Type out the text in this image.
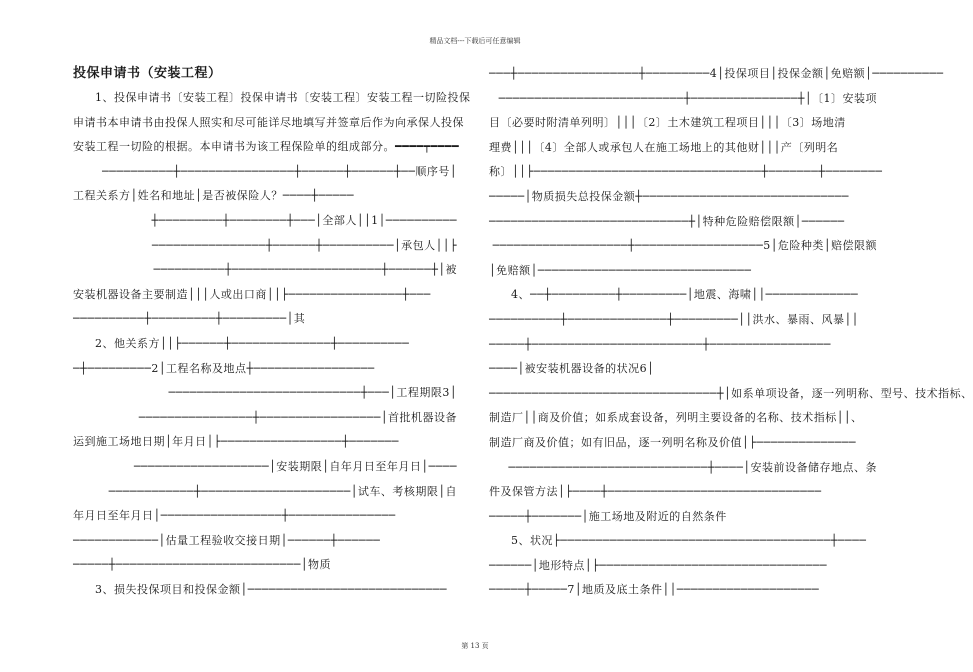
精品文档---下载后可任意编辑
投保申请书（安装工程）
1、投保申请书〔安装工程〕投保申请书〔安装工程〕安装工程一切险投保
申请书本申请书由投保人照实和尽可能详尽地填写并签章后作为向承保人投保
安装工程一切险的根据。本申请书为该工程保险单的组成部分。━━━━┯━━━━
──────────┼────────────────┼──────┼──────┼──顺序号│
工程关系方│姓名和地址│是否被保险人？────┼─────
┼─────────┼────────┼───│全部人││1│──────────
────────────────┼──────┼──────────│承包人││├
──────────┼─────────────────────┼──────┼│被
安装机器设备主要制造│││人或出口商││├────────────────┼───
──────────┼─────────┼─────────│其
2、他关系方││├──────┼──────────────┼──────────
─┼─────────2│工程名称及地点┼─────────────────
───────────────────────────┼───│工程期限3│
────────────────┼─────────────────│首批机器设备
运到施工场地日期│年月日│├─────────────────┼───────
───────────────────│安装期限│自年月日至年月日│────
────────────┼─────────────────────│试车、考核期限│自
年月日至年月日│─────────────────┼───────────────
────────────│估量工程验收交接日期│──────┼──────
─────┼──────────────────────────│物质
3、损失投保项目和投保金额│────────────────────────────
───┼─────────────────┼─────────4│投保项目│投保金额│免赔额│──────────
──────────────────────────┼───────────────┼│〔1〕安装项
目〔必要时附清单列明〕│││〔2〕土木建筑工程项目│││〔3〕场地清
理费│││〔4〕全部人或承包人在施工场地上的其他财│││产〔列明名
称〕││├────────────────────────────────┼───────┼────────
─────│物质损失总投保金额┼─────────────────────────────
────────────────────────────┼│特种危险赔偿限额│──────
───────────────────┼──────────────────5│危险种类│赔偿限额
│免赔额│──────────────────────────────
4、──┼─────────┼─────────│地震、海啸││─────────────
──────────┼──────────────┼─────────││洪水、暴雨、风暴││
─────┼────────────────────────┼─────────────────
────│被安装机器设备的状况6│
────────────────────────────────┼│如系单项设备，逐一列明称、型号、技术指标、
制造厂││商及价值；如系成套设备，列明主要设备的名称、技术指标││、
制造厂商及价值；如有旧品，逐一列明名称及价值│├──────────────
────────────────────────────┼────│安装前设备储存地点、条
件及保管方法│├────┼──────────────────────────────
─────┼───────│施工场地及附近的自然条件
5、状况├──────────────────────────────────────┼────
──────│地形特点│├────────────────────────────────
─────┼─────7│地质及底土条件││────────────────────
第 13 页
